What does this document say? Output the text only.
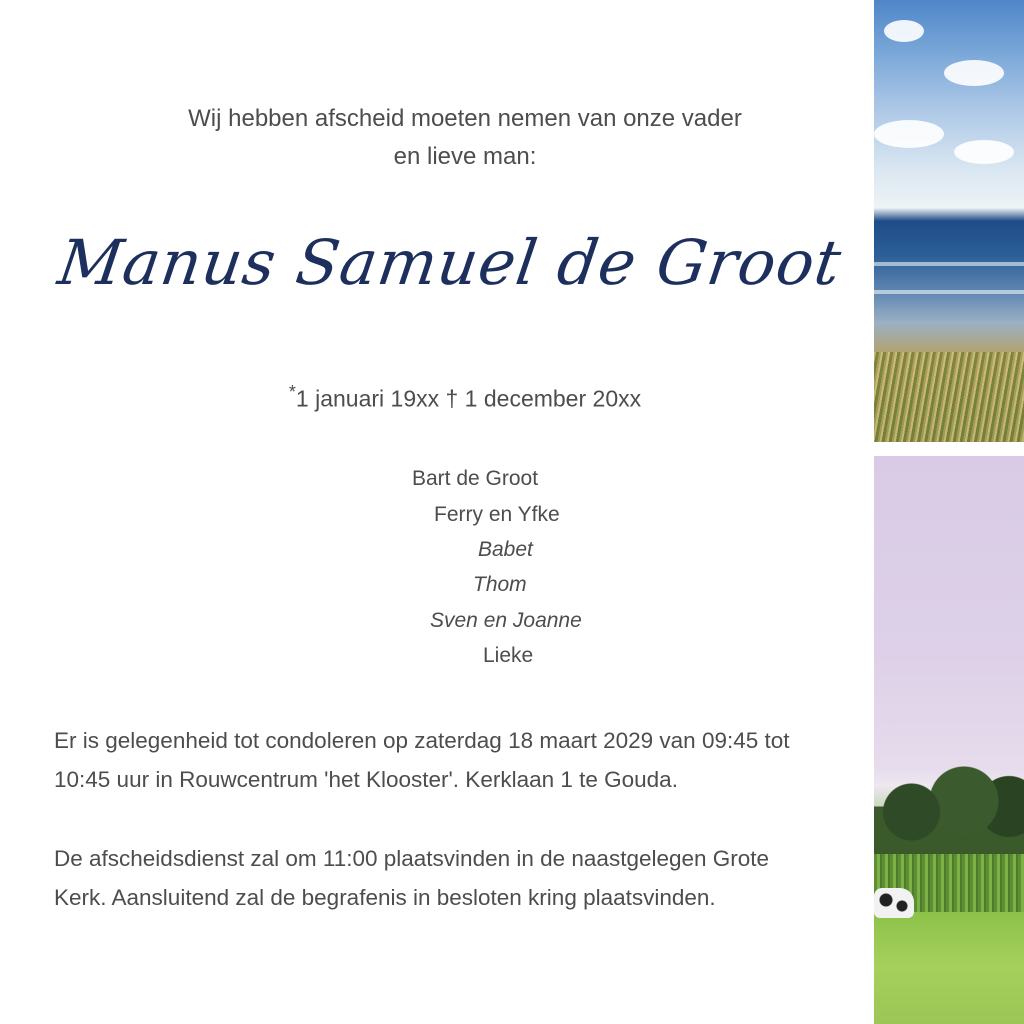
Wij hebben afscheid moeten nemen van onze vader
en lieve man:
Manus Samuel de Groot
*1 januari 19xx † 1 december 20xx
Bart de Groot
Ferry en Yfke
Babet
Thom
Sven en Joanne
Lieke
Er is gelegenheid tot condoleren op zaterdag 18 maart 2029 van 09:45 tot
10:45 uur in Rouwcentrum 'het Klooster'. Kerklaan 1 te Gouda.
De afscheidsdienst zal om 11:00 plaatsvinden in de naastgelegen Grote
Kerk. Aansluitend zal de begrafenis in besloten kring plaatsvinden.
